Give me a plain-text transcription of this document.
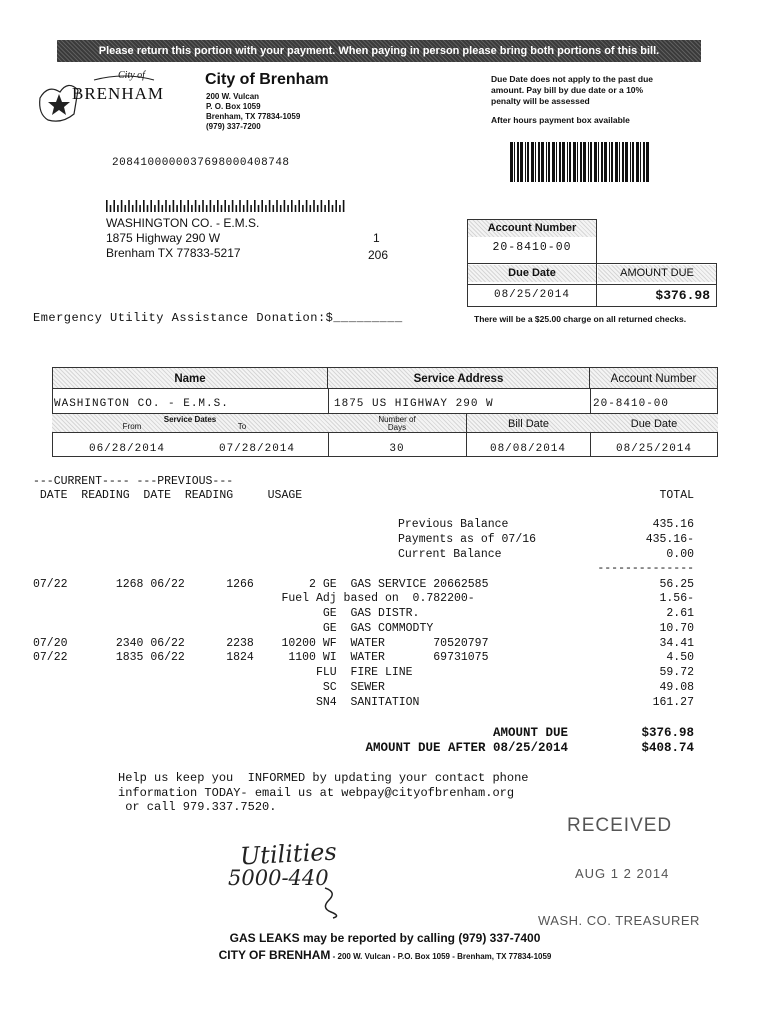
Please return this portion with your payment. When paying in person please bring both portions of this bill.
City of
BRENHAM
City of Brenham
200 W. Vulcan
P. O. Box 1059
Brenham, TX 77834-1059
(979) 337-7200
Due Date does not apply to the past due
amount. Pay bill by due date or a 10%
penalty will be assessed
After hours payment box available
2084100000037698000408748
WASHINGTON CO. - E.M.S.
1875 Highway 290 W
Brenham TX 77833-5217
1
206
Account Number
20-8410-00
Due Date	AMOUNT DUE
08/25/2014	$376.98
Emergency Utility Assistance Donation:$_________	There will be a $25.00 charge on all returned checks.
Name	Service Address	Account Number
WASHINGTON CO. - E.M.S.	1875 US HIGHWAY 290 W	20-8410-00
Service Dates
From	To
Number of
Days	Bill Date	Due Date
06/28/2014	07/28/2014	30	08/08/2014	08/25/2014
---CURRENT---- ---PREVIOUS---
DATE  READING  DATE  READING     USAGE	TOTAL
Previous Balance	435.16
Payments as of 07/16	435.16-
Current Balance	0.00
--------------
07/22       1268 06/22      1266        2 GE  GAS SERVICE 20662585	56.25
Fuel Adj based on  0.782200-	1.56-
GE  GAS DISTR.	2.61
GE  GAS COMMODTY	10.70
07/20       2340 06/22      2238    10200 WF  WATER       70520797	34.41
07/22       1835 06/22      1824     1100 WI  WATER       69731075	4.50
FLU  FIRE LINE	59.72
SC  SEWER	49.08
SN4  SANITATION	161.27
AMOUNT DUE	$376.98
AMOUNT DUE AFTER 08/25/2014	$408.74
Help us keep you  INFORMED by updating your contact phone
information TODAY- email us at webpay@cityofbrenham.org
or call 979.337.7520.
RECEIVED
AUG 1 2 2014
WASH. CO. TREASURER
Utilities
5000-440
GAS LEAKS may be reported by calling (979) 337-7400
CITY OF BRENHAM - 200 W. Vulcan - P.O. Box 1059 - Brenham, TX 77834-1059
